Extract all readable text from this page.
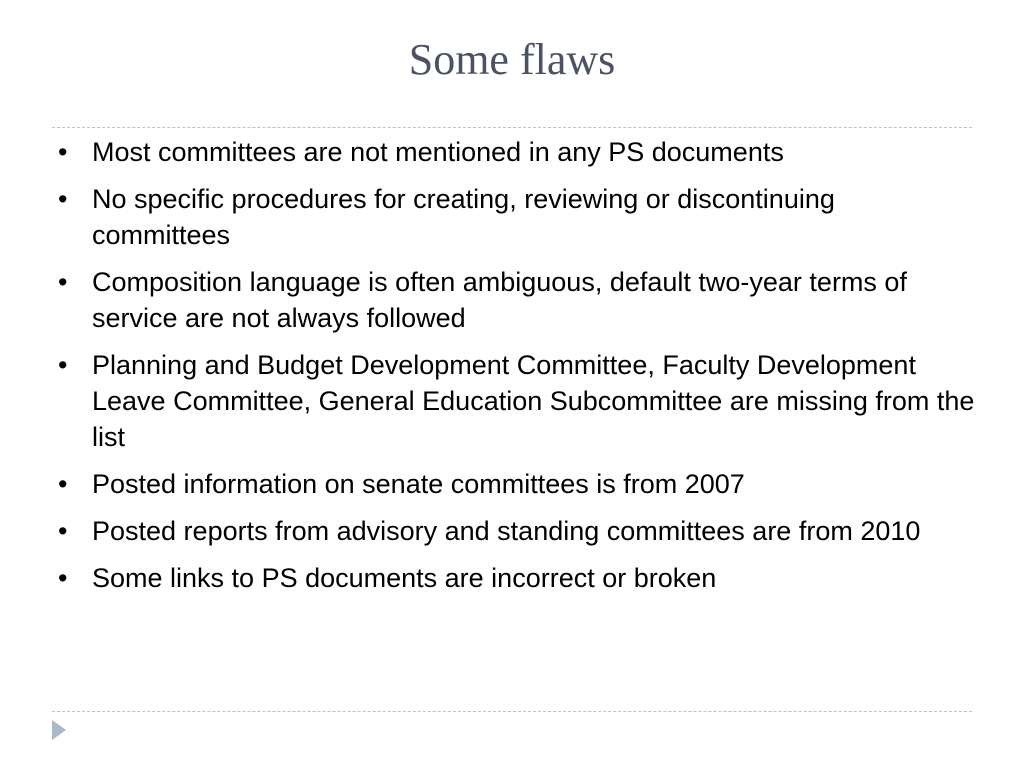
Some flaws
• Most committees are not mentioned in any PS documents
• No specific procedures for creating, reviewing or discontinuing committees
• Composition language is often ambiguous, default two-year terms of service are not always followed
• Planning and Budget Development Committee, Faculty Development Leave Committee, General Education Subcommittee are missing from the list
• Posted information on senate committees is from 2007
• Posted reports from advisory and standing committees are from 2010
• Some links to PS documents are incorrect or broken
